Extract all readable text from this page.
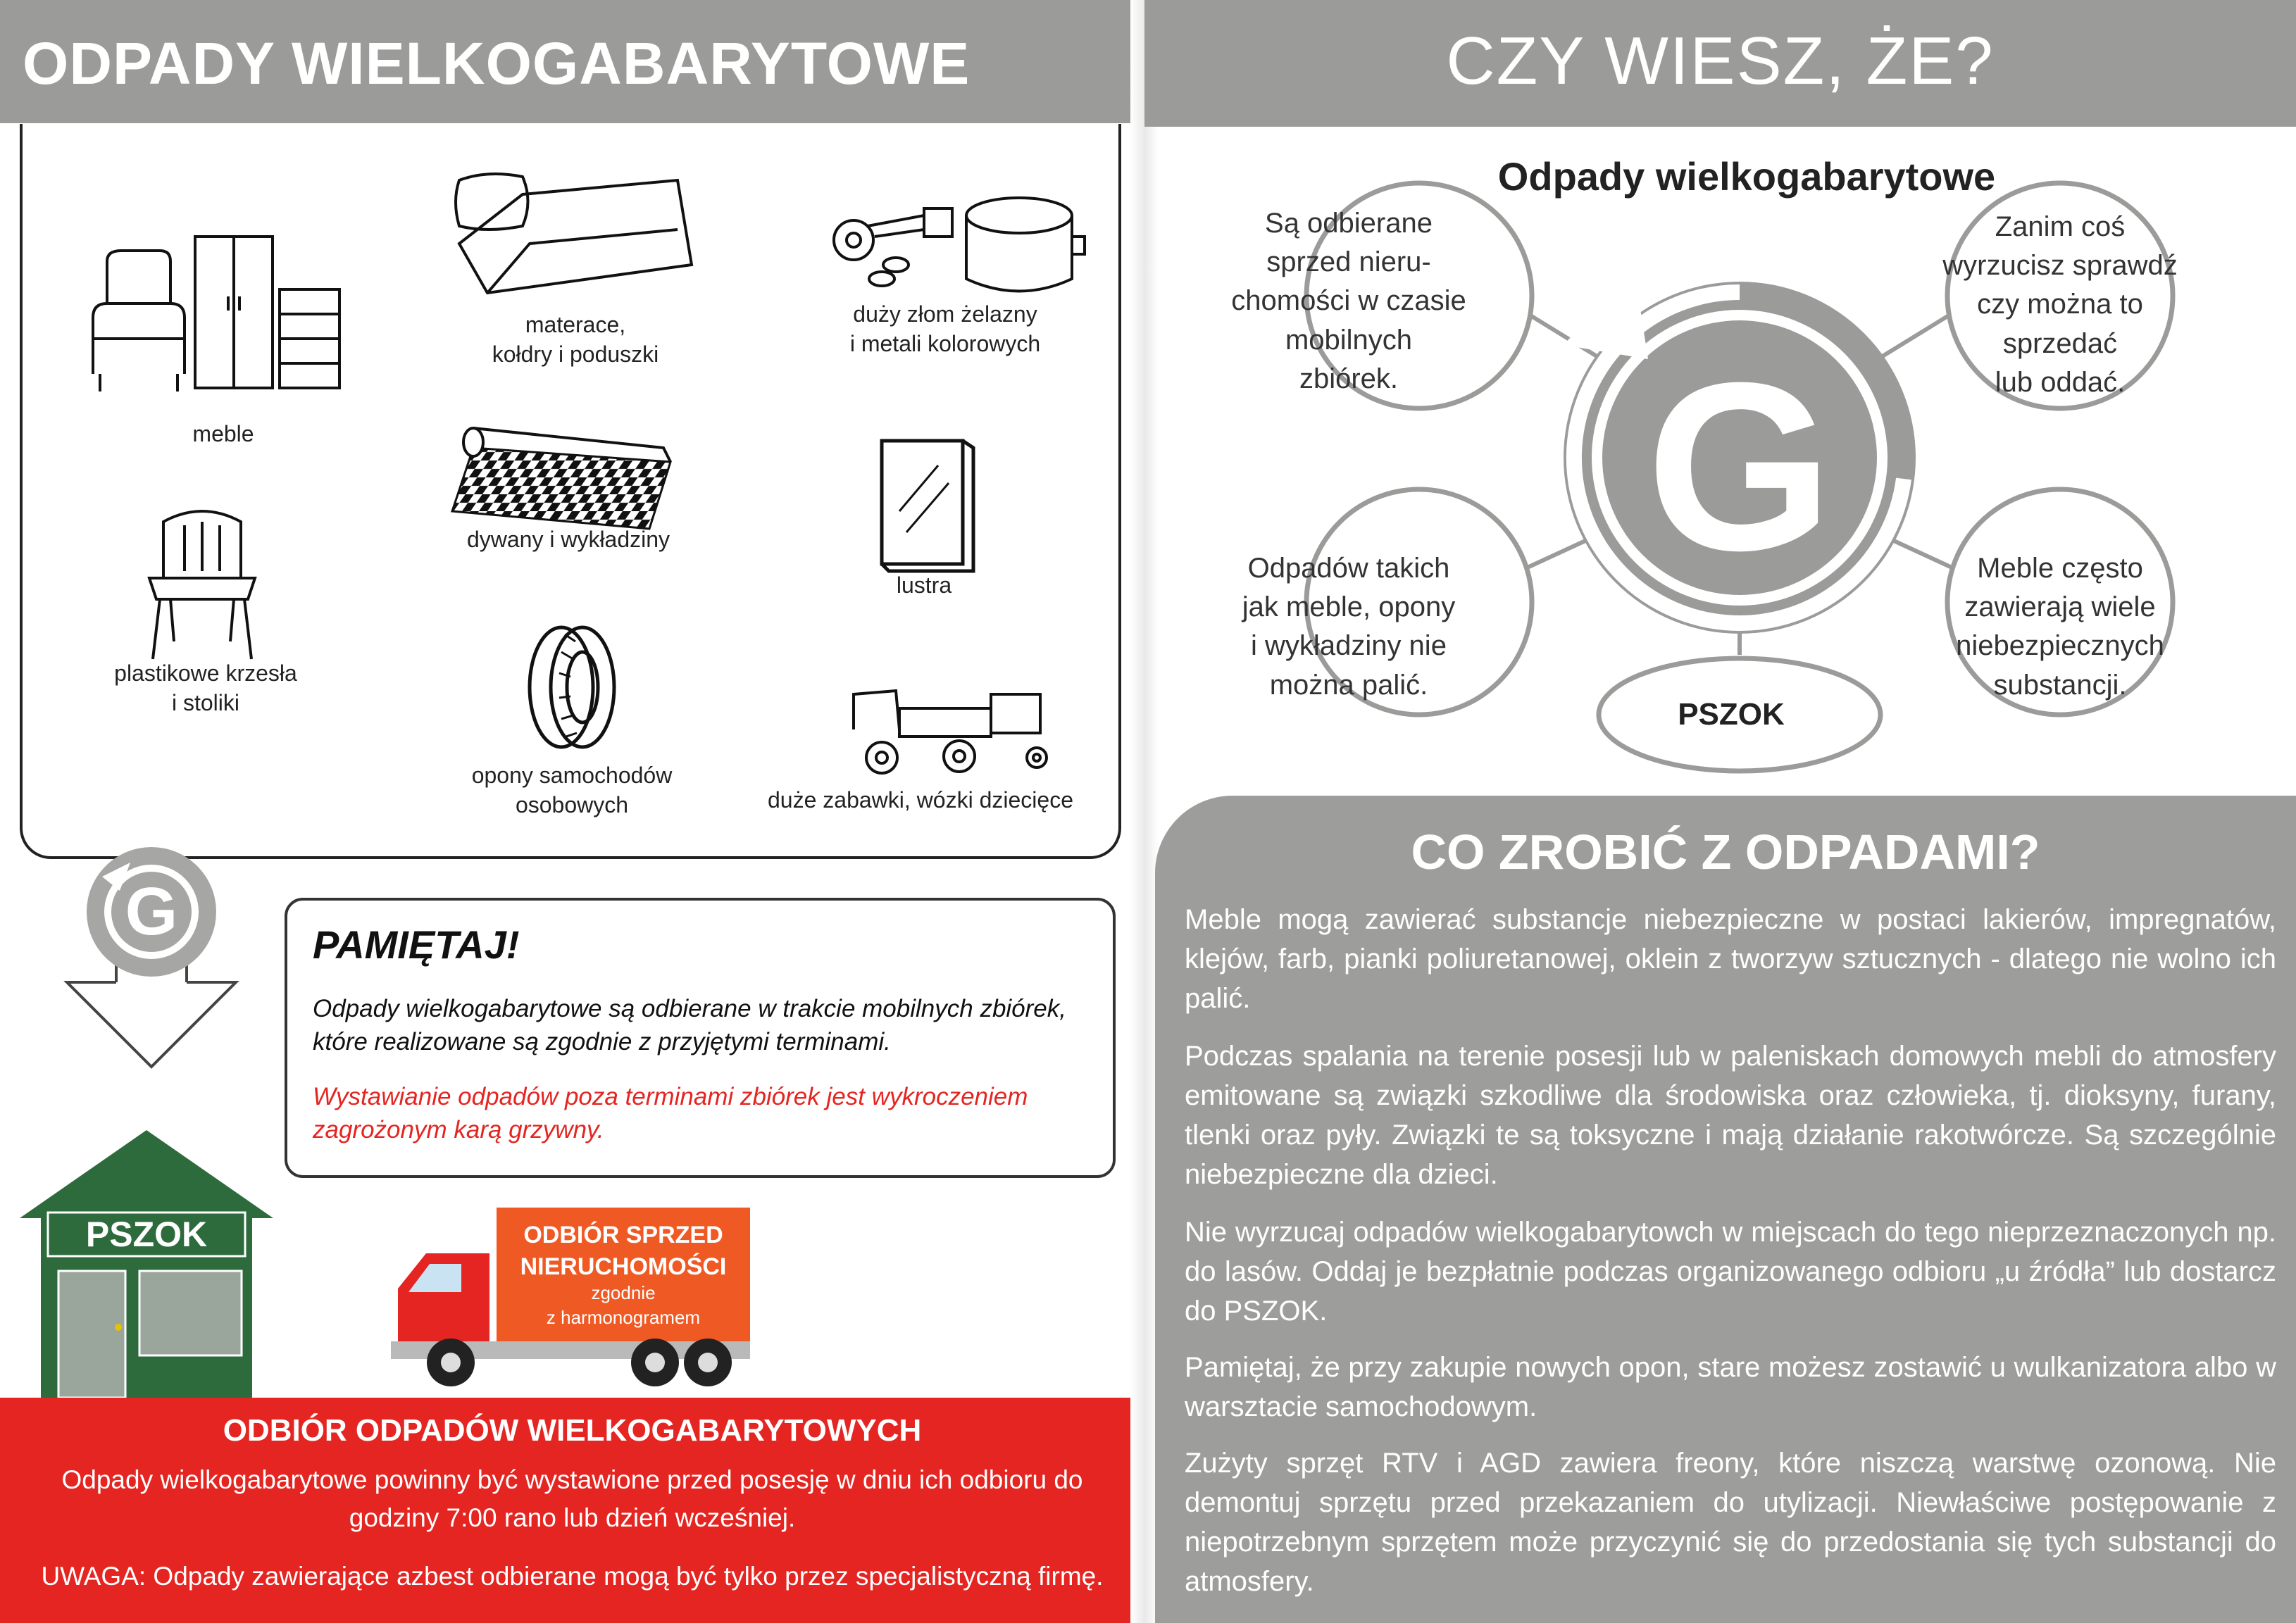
ODPADY WIELKOGABARYTOWE
meble
materace,
kołdry i poduszki
duży złom żelazny
i metali kolorowych
plastikowe krzesła
i stoliki
dywany i wykładziny
lustra
opony samochodów
osobowych	duże zabawki, wózki dziecięce
G	PAMIĘTAJ!
Odpady wielkogabarytowe są odbierane w trakcie mobilnych zbiórek, które realizowane są zgodnie z przyjętymi terminami.
Wystawianie odpadów poza terminami zbiórek jest wykroczeniem zagrożonym karą grzywny.
PSZOK	ODBIÓR SPRZED
NIERUCHOMOŚCI
zgodnie
z harmonogramem
ODBIÓR ODPADÓW WIELKOGABARYTOWYCH
Odpady wielkogabarytowe powinny być wystawione przed posesję w dniu ich odbioru do godziny 7:00 rano lub dzień wcześniej.
UWAGA: Odpady zawierające azbest odbierane mogą być tylko przez specjalistyczną firmę.
CZY WIESZ, ŻE?
G
Odpady wielkogabarytowe
Są odbierane
sprzed nieru-
chomości w czasie
mobilnych
zbiórek.
Zanim coś
wyrzucisz sprawdź
czy można to
sprzedać
lub oddać.
Odpadów takich
jak meble, opony
i wykładziny nie
można palić.
Meble często
zawierają wiele
niebezpiecznych
substancji.
PSZOK
CO ZROBIĆ Z ODPADAMI?
Meble mogą zawierać substancje niebezpieczne w postaci lakierów, impregnatów, klejów, farb, pianki poliuretanowej, oklein z tworzyw sztucznych - dlatego nie wolno ich palić.
Podczas spalania na terenie posesji lub w paleniskach domowych mebli do atmosfery emitowane są związki szkodliwe dla środowiska oraz człowieka, tj. dioksyny, furany, tlenki oraz pyły. Związki te są toksyczne i mają działanie rakotwórcze. Są szczególnie niebezpieczne dla dzieci.
Nie wyrzucaj odpadów wielkogabarytowch w miejscach do tego nieprzeznaczonych np. do lasów. Oddaj je bezpłatnie podczas organizowanego odbioru „u źródła” lub dostarcz do PSZOK.
Pamiętaj, że przy zakupie nowych opon, stare możesz zostawić u wulkanizatora albo w warsztacie samochodowym.
Zużyty sprzęt RTV i AGD zawiera freony, które niszczą warstwę ozonową. Nie demontuj sprzętu przed przekazaniem do utylizacji. Niewłaściwe postępowanie z niepotrzebnym sprzętem może przyczynić się do przedostania się tych substancji do atmosfery.
